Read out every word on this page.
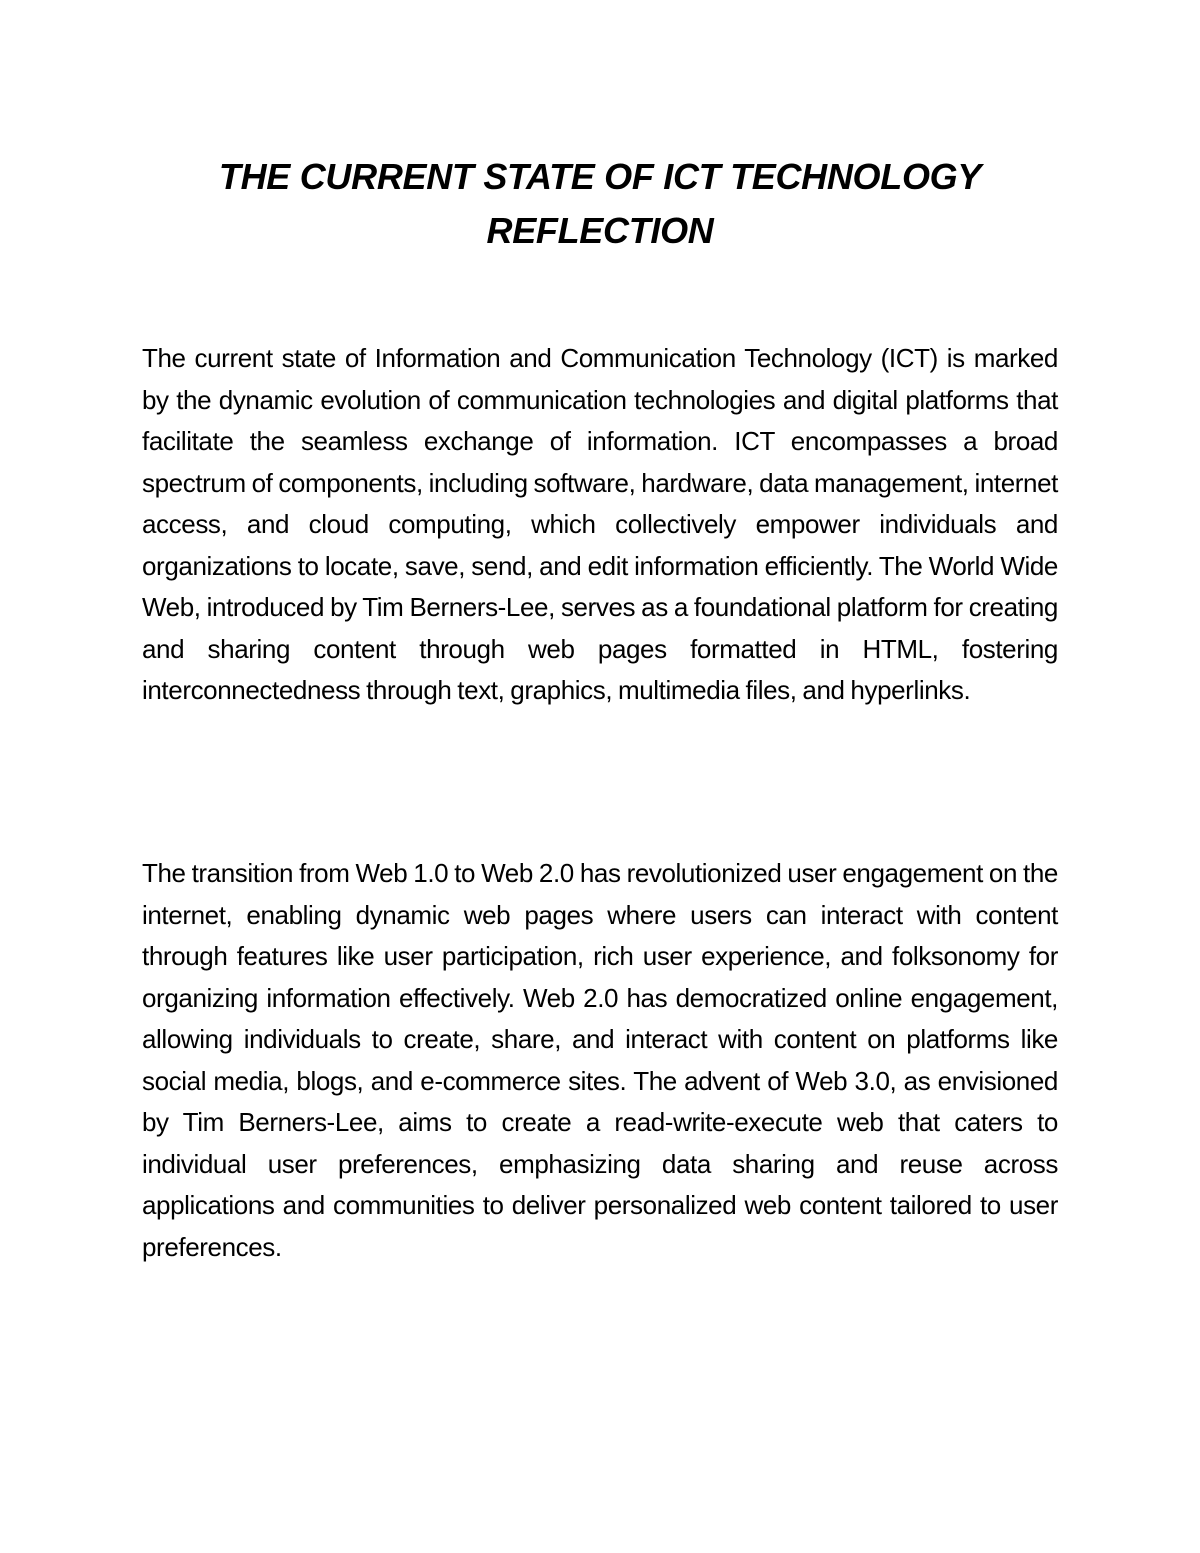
THE CURRENT STATE OF ICT TECHNOLOGY
REFLECTION

The current state of Information and Communication Technology (ICT) is marked by the dynamic evolution of communication technologies and digital platforms that facilitate the seamless exchange of information. ICT encompasses a broad spectrum of components, including software, hardware, data management, internet access, and cloud computing, which collectively empower individuals and organizations to locate, save, send, and edit information efficiently. The World Wide Web, introduced by Tim Berners-Lee, serves as a foundational platform for creating and sharing content through web pages formatted in HTML, fostering interconnectedness through text, graphics, multimedia files, and hyperlinks.

The transition from Web 1.0 to Web 2.0 has revolutionized user engagement on the internet, enabling dynamic web pages where users can interact with content through features like user participation, rich user experience, and folksonomy for organizing information effectively. Web 2.0 has democratized online engagement, allowing individuals to create, share, and interact with content on platforms like social media, blogs, and e-commerce sites. The advent of Web 3.0, as envisioned by Tim Berners-Lee, aims to create a read-write-execute web that caters to individual user preferences, emphasizing data sharing and reuse across applications and communities to deliver personalized web content tailored to user preferences.
